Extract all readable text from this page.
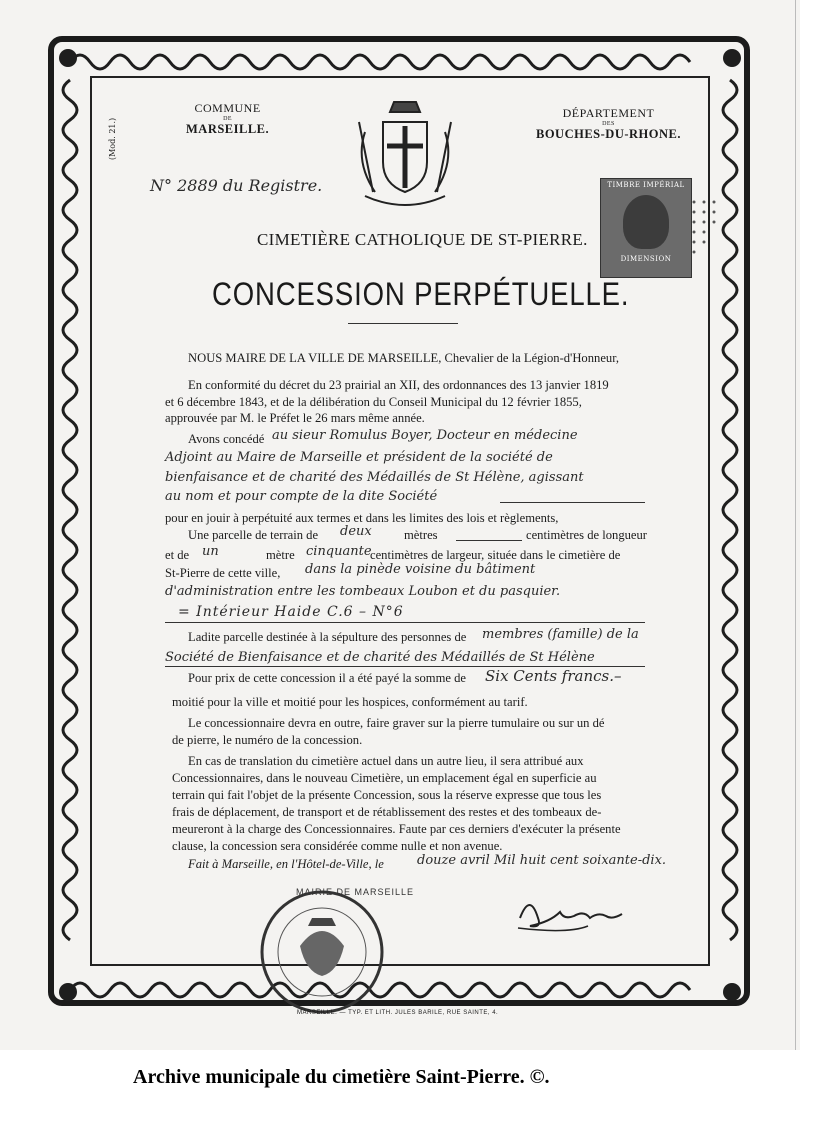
COMMUNE
DE
MARSEILLE.
(Mod. 21.)
DÉPARTEMENT
DES
BOUCHES-DU-RHONE.
N° 2889 du Registre.	TIMBRE IMPÉRIAL
DIMENSION
CIMETIÈRE CATHOLIQUE DE ST-PIERRE.
CONCESSION PERPÉTUELLE.
NOUS MAIRE DE LA VILLE DE MARSEILLE, Chevalier de la Légion-d'Honneur,
En conformité du décret du 23 prairial an XII, des ordonnances des 13 janvier 1819
et 6 décembre 1843, et de la délibération du Conseil Municipal du 12 février 1855,
approuvée par M. le Préfet le 26 mars même année.
Avons concédé au sieur Romulus Boyer, Docteur en médecine
Adjoint au Maire de Marseille et président de la société de
bienfaisance et de charité des Médaillés de St Hélène, agissant
au nom et pour compte de la dite Société
pour en jouir à perpétuité aux termes et dans les limites des lois et règlements,
Une parcelle de terrain de deux	mètres	centimètres de longueur
et de un	mètre cinquante
centimètres de largeur, située dans le cimetière de
St-Pierre de cette ville, dans la pinède voisine du bâtiment
d'administration entre les tombeaux Loubon et du pasquier.
= Intérieur Haide C.6 – N°6
Ladite parcelle destinée à la sépulture des personnes de membres (famille) de la
Société de Bienfaisance et de charité des Médaillés de St Hélène
Pour prix de cette concession il a été payé la somme de Six Cents francs.–
moitié pour la ville et moitié pour les hospices, conformément au tarif.
Le concessionnaire devra en outre, faire graver sur la pierre tumulaire ou sur un dé
de pierre, le numéro de la concession.
En cas de translation du cimetière actuel dans un autre lieu, il sera attribué aux
Concessionnaires, dans le nouveau Cimetière, un emplacement égal en superficie au
terrain qui fait l'objet de la présente Concession, sous la réserve expresse que tous les
frais de déplacement, de transport et de rétablissement des restes et des tombeaux de-
meureront à la charge des Concessionnaires. Faute par ces derniers d'exécuter la présente
clause, la concession sera considérée comme nulle et non avenue.
Fait à Marseille, en l'Hôtel-de-Ville, le	douze avril Mil huit cent soixante-dix.
MAIRIE DE MARSEILLE
MARSEILLE. — TYP. ET LITH. JULES BARILE, RUE SAINTE, 4.
Archive municipale du cimetière Saint-Pierre. ©.
